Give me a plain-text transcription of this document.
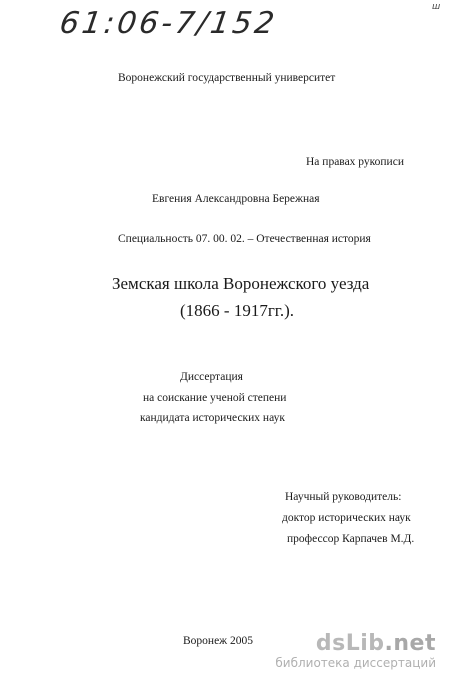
61:06-7/152	ш
Воронежский государственный университет
На правах рукописи
Евгения Александровна Бережная
Специальность 07. 00. 02. – Отечественная история
Земская школа Воронежского уезда
(1866 - 1917гг.).
Диссертация
на соискание ученой степени
кандидата исторических наук
Научный руководитель:
доктор исторических наук
профессор Карпачев М.Д.
Воронеж 2005	dsLib.net
библиотека диссертаций
